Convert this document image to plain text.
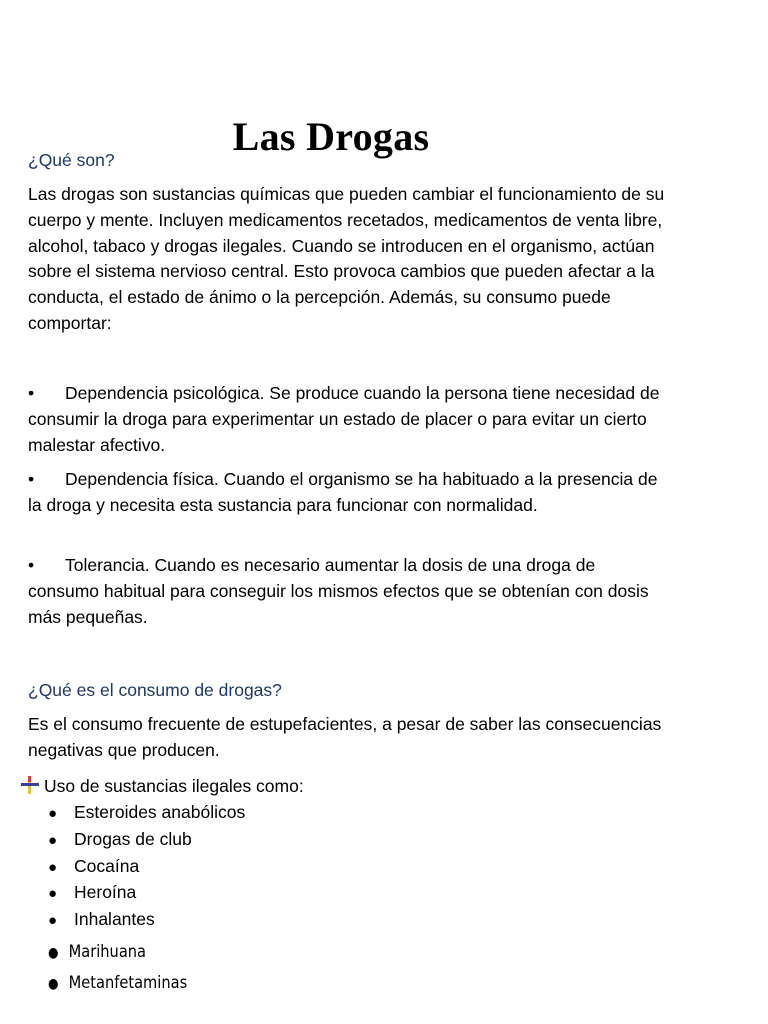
Las Drogas
¿Qué son?

Las drogas son sustancias químicas que pueden cambiar el funcionamiento de su cuerpo y mente. Incluyen medicamentos recetados, medicamentos de venta libre, alcohol, tabaco y drogas ilegales. Cuando se introducen en el organismo, actúan sobre el sistema nervioso central. Esto provoca cambios que pueden afectar a la conducta, el estado de ánimo o la percepción. Además, su consumo puede comportar:

• Dependencia psicológica. Se produce cuando la persona tiene necesidad de consumir la droga para experimentar un estado de placer o para evitar un cierto malestar afectivo.

• Dependencia física. Cuando el organismo se ha habituado a la presencia de la droga y necesita esta sustancia para funcionar con normalidad.

• Tolerancia. Cuando es necesario aumentar la dosis de una droga de consumo habitual para conseguir los mismos efectos que se obtenían con dosis más pequeñas.

¿Qué es el consumo de drogas?

Es el consumo frecuente de estupefacientes, a pesar de saber las consecuencias negativas que producen.

Uso de sustancias ilegales como:

● Esteroides anabólicos
● Drogas de club
● Cocaína
● Heroína
● Inhalantes
● Marihuana
● Metanfetaminas
